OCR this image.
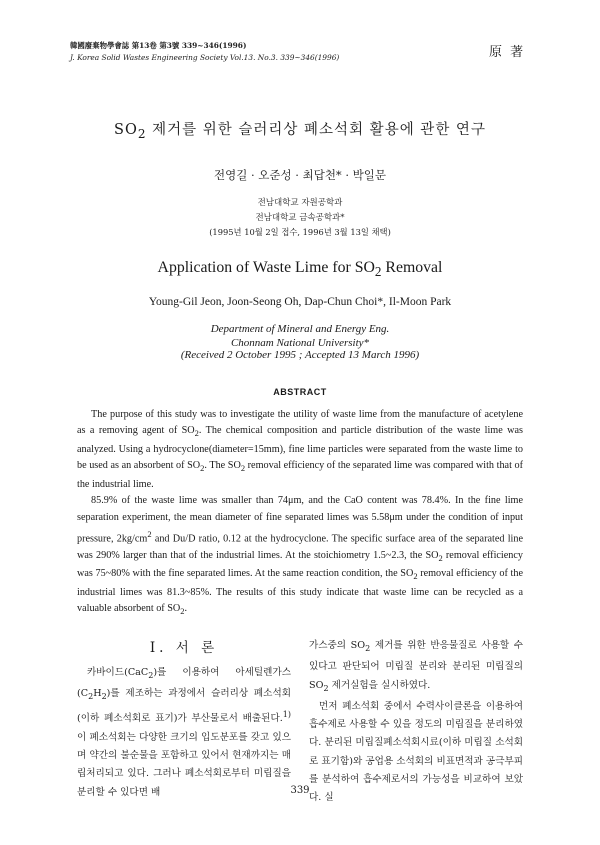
韓國廢棄物學會誌 第13卷 第3號 339~346(1996)
J. Korea Solid Wastes Engineering Society Vol.13. No.3. 339~346(1996)	原 著
$SO_2$ 제거를 위한 슬러리상 폐소석회 활용에 관한 연구
전영길 · 오준성 · 최답천* · 박일문
전남대학교 자원공학과
전남대학교 금속공학과*
(1995년 10월 2일 접수, 1996년 3월 13일 채택)
Application of Waste Lime for $SO_2$ Removal
Young-Gil Jeon, Joon-Seong Oh, Dap-Chun Choi*, Il-Moon Park
Department of Mineral and Energy Eng.
Chonnam National University*
(Received 2 October 1995 ; Accepted 13 March 1996)
ABSTRACT

The purpose of this study was to investigate the utility of waste lime from the manufacture of acetylene as a removing agent of $SO_2$. The chemical composition and particle distribution of the waste lime was analyzed. Using a hydrocyclone(diameter=15mm), fine lime particles were separated from the waste lime to be used as an absorbent of $SO_2$. The $SO_2$ removal efficiency of the separated lime was compared with that of the industrial lime.

85.9% of the waste lime was smaller than 74μm, and the CaO content was 78.4%. In the fine lime separation experiment, the mean diameter of fine separated limes was 5.58μm under the condition of input pressure, $2kg/cm^2$ and Du/D ratio, 0.12 at the hydrocyclone. The specific surface area of the separated line was 290% larger than that of the industrial limes. At the stoichiometry 1.5~2.3, the $SO_2$ removal efficiency was 75~80% with the fine separated limes. At the same reaction condition, the $SO_2$ removal efficiency of the industrial limes was 81.3~85%. The results of this study indicate that waste lime can be recycled as a valuable absorbent of $SO_2$.

Ⅰ. 서 론

카바이드(CaC$_2$)를 이용하여 아세틸렌가스$(C_2H_2)$를 제조하는 과정에서 슬러리상 폐소석회(이하 폐소석회로 표기)가 부산물로서 배출된다.$^{1)}$ 이 폐소석회는 다양한 크기의 입도분포를 갖고 있으며 약간의 불순물을 포함하고 있어서 현재까지는 매립처리되고 있다. 그러나 폐소석회로부터 미립질을 분리할 수 있다면 배

가스중의 $SO_2$ 제거를 위한 반응물질로 사용할 수 있다고 판단되어 미립질 분리와 분리된 미립질의 $SO_2$ 제거실험을 실시하였다.

먼저 폐소석회 중에서 수력사이클론을 이용하여 흡수제로 사용할 수 있을 정도의 미립질을 분리하였다. 분리된 미립질폐소석회시료(이하 미립질 소석회로 표기함)와 공업용 소석회의 비표면적과 공극부피를 분석하여 흡수제로서의 가능성을 비교하여 보았다. 실

339
